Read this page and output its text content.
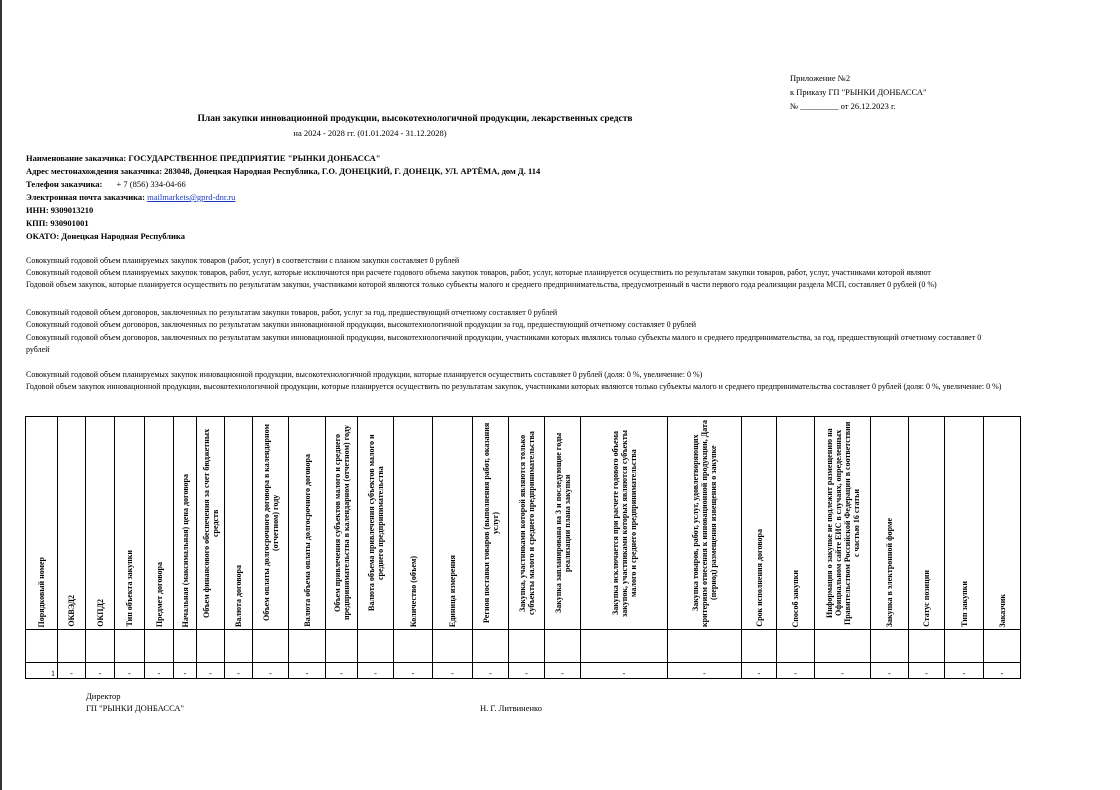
Приложение №2
к Приказу ГП "РЫНКИ ДОНБАССА"
№ _________ от 26.12.2023 г.
План закупки инновационной продукции, высокотехнологичной продукции, лекарственных средств
на 2024 - 2028 гг. (01.01.2024 - 31.12.2028)
Наименование заказчика: ГОСУДАРСТВЕННОЕ ПРЕДПРИЯТИЕ "РЫНКИ ДОНБАССА"
Адрес местонахождения заказчика: 283048, Донецкая Народная Республика, Г.О. ДОНЕЦКИЙ, Г. ДОНЕЦК, УЛ. АРТЁМА, дом Д. 114
Телефон заказчика: + 7 (856) 334-04-66
Электронная почта заказчика: mailmarkets@gprd-dnr.ru
ИНН: 9309013210
КПП: 930901001
ОКАТО: Донецкая Народная Республика
Совокупный годовой объем планируемых закупок товаров (работ, услуг) в соответствии с планом закупки составляет 0 рублей
Совокупный годовой объем планируемых закупок товаров, работ, услуг, которые исключаются при расчете годового объема закупок товаров, работ, услуг, которые планируется осуществить по результатам закупки товаров, работ, услуг, участниками которой являют
Годовой объем закупок, которые планируется осуществить по результатам закупки, участниками которой являются только субъекты малого и среднего предпринимательства, предусмотренный в части первого года реализации раздела МСП, составляет 0 рублей (0 %)
Совокупный годовой объем договоров, заключенных по результатам закупки товаров, работ, услуг за год, предшествующий отчетному составляет 0 рублей
Совокупный годовой объем договоров, заключенных по результатам закупки инновационной продукции, высокотехнологичной продукции за год, предшествующий отчетному составляет 0 рублей
Совокупный годовой объем договоров, заключенных по результатам закупки инновационной продукции, высокотехнологичной продукции, участниками которых являлись только субъекты малого и среднего предпринимательства, за год, предшествующий отчетному составляет 0 рублей
Совокупный годовой объем планируемых закупок инновационной продукции, высокотехнологичной продукции, которые планируется осуществить составляет 0 рублей (доля: 0 %, увеличение: 0 %)
Годовой объем закупок инновационной продукции, высокотехнологичной продукции, которые планируется осуществить по результатам закупок, участниками которых являются только субъекты малого и среднего предпринимательства составляет 0 рублей (доля: 0 %, увеличение: 0 %)
Порядковый номер	ОКВЭД2	ОКПД2	Тип объекта закупки	Предмет договора	Начальная (максимальная) цена договора	Объем финансового обеспечения за счет бюджетных средств	Валюта договора	Объем оплаты долгосрочного договора в календарном (отчетном) году	Валюта объема оплаты долгосрочного договора	Объем привлечения субъектов малого и среднего предпринимательства в календарном (отчетном) году	Валюта объема привлечения субъектов малого и среднего предпринимательства	Количество (объем)	Единица измерения	Регион поставки товаров (выполнения работ, оказания услуг)	Закупка, участниками которой являются только субъекты малого и среднего предпринимательства	Закупка запланирована на 3 и последующие годы реализации плана закупки	Закупка исключается при расчете годового объема закупок, участниками которых являются субъекты малого и среднего предпринимательства	Закупка товаров, работ, услуг, удовлетворяющих критериям отнесения к инновационной продукции, Дата (период) размещения извещения о закупке	Срок исполнения договора	Способ закупки	Информация о закупке не подлежит размещению на Официальном сайте ЕИС в случаях, определенных Правительством Российской Федерации в соответствии с частью 16 статьи	Закупка в электронной форме	Статус позиции	Тип закупки	Заказчик

1	-	-	-	-	-	-	-	-	-	-	-	-	-	-	-	-	-	-	-	-	-	-	-	-	-
Директор
ГП "РЫНКИ ДОНБАССА"	Н. Г. Литвиненко
